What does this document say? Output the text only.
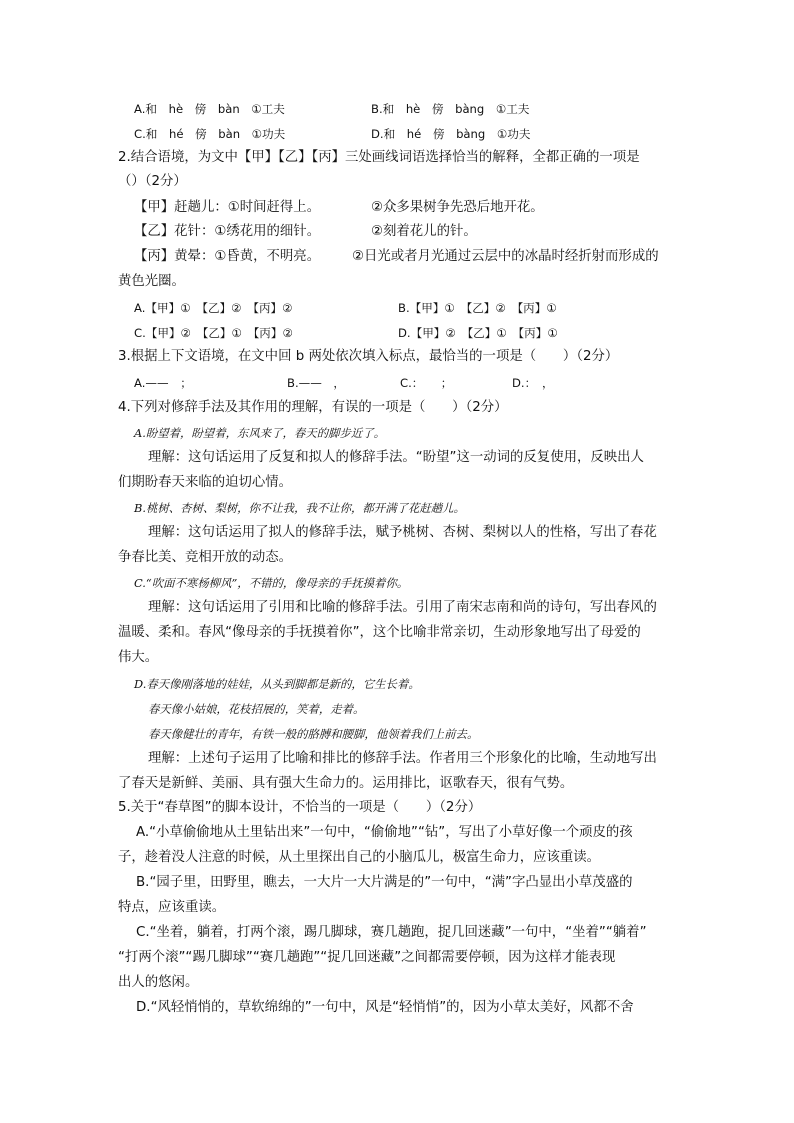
A.和　hè　傍　bàn　①工夫	B.和　hè　傍　bàng　①工夫
C.和　hé　傍　bàn　①功夫	D.和　hé　傍　bàng　①功夫
2.结合语境，为文中【甲】【乙】【丙】三处画线词语选择恰当的解释，全都正确的一项是
（）（2分）
【甲】赶趟儿：①时间赶得上。	②众多果树争先恐后地开花。
【乙】花针：①绣花用的细针。	②刻着花儿的针。
【丙】黄晕：①昏黄，不明亮。 ②日光或者月光通过云层中的冰晶时经折射而形成的
黄色光圈。
A.【甲】①　【乙】②　【丙】②	B.【甲】①　【乙】②　【丙】①
C.【甲】②　【乙】①　【丙】②	D.【甲】②　【乙】①　【丙】①
3.根据上下文语境，在文中回 b 两处依次填入标点，最恰当的一项是（　　）（2分）
A.——　；	B.——　，	C.：　　；	D.：　，
4.下列对修辞手法及其作用的理解，有误的一项是（　　）（2分）
A.盼望着，盼望着，东风来了，春天的脚步近了。
理解：这句话运用了反复和拟人的修辞手法。“盼望”这一动词的反复使用，反映出人
们期盼春天来临的迫切心情。
B.桃树、杏树、梨树，你不让我，我不让你，都开满了花赶趟儿。
理解：这句话运用了拟人的修辞手法，赋予桃树、杏树、梨树以人的性格，写出了春花
争春比美、竞相开放的动态。
C.“吹面不寒杨柳风”，不错的，像母亲的手抚摸着你。
理解：这句话运用了引用和比喻的修辞手法。引用了南宋志南和尚的诗句，写出春风的
温暖、柔和。春风“像母亲的手抚摸着你”，这个比喻非常亲切，生动形象地写出了母爱的
伟大。
D.春天像刚落地的娃娃，从头到脚都是新的，它生长着。
春天像小姑娘，花枝招展的，笑着，走着。
春天像健壮的青年，有铁一般的胳膊和腰脚，他领着我们上前去。
理解：上述句子运用了比喻和排比的修辞手法。作者用三个形象化的比喻，生动地写出
了春天是新鲜、美丽、具有强大生命力的。运用排比，讴歌春天，很有气势。
5.关于“春草图”的脚本设计，不恰当的一项是（　　）（2分）
A.“小草偷偷地从土里钻出来”一句中，“偷偷地”“钻”，写出了小草好像一个顽皮的孩
子，趁着没人注意的时候，从土里探出自己的小脑瓜儿，极富生命力，应该重读。
B.“园子里，田野里，瞧去，一大片一大片满是的”一句中，“满”字凸显出小草茂盛的
特点，应该重读。
C.“坐着，躺着，打两个滚，踢几脚球，赛几趟跑，捉几回迷藏”一句中，“坐着”“躺着”
“打两个滚”“踢几脚球”“赛几趟跑”“捉几回迷藏”之间都需要停顿，因为这样才能表现
出人的悠闲。
D.“风轻悄悄的，草软绵绵的”一句中，风是“轻悄悄”的，因为小草太美好，风都不舍
